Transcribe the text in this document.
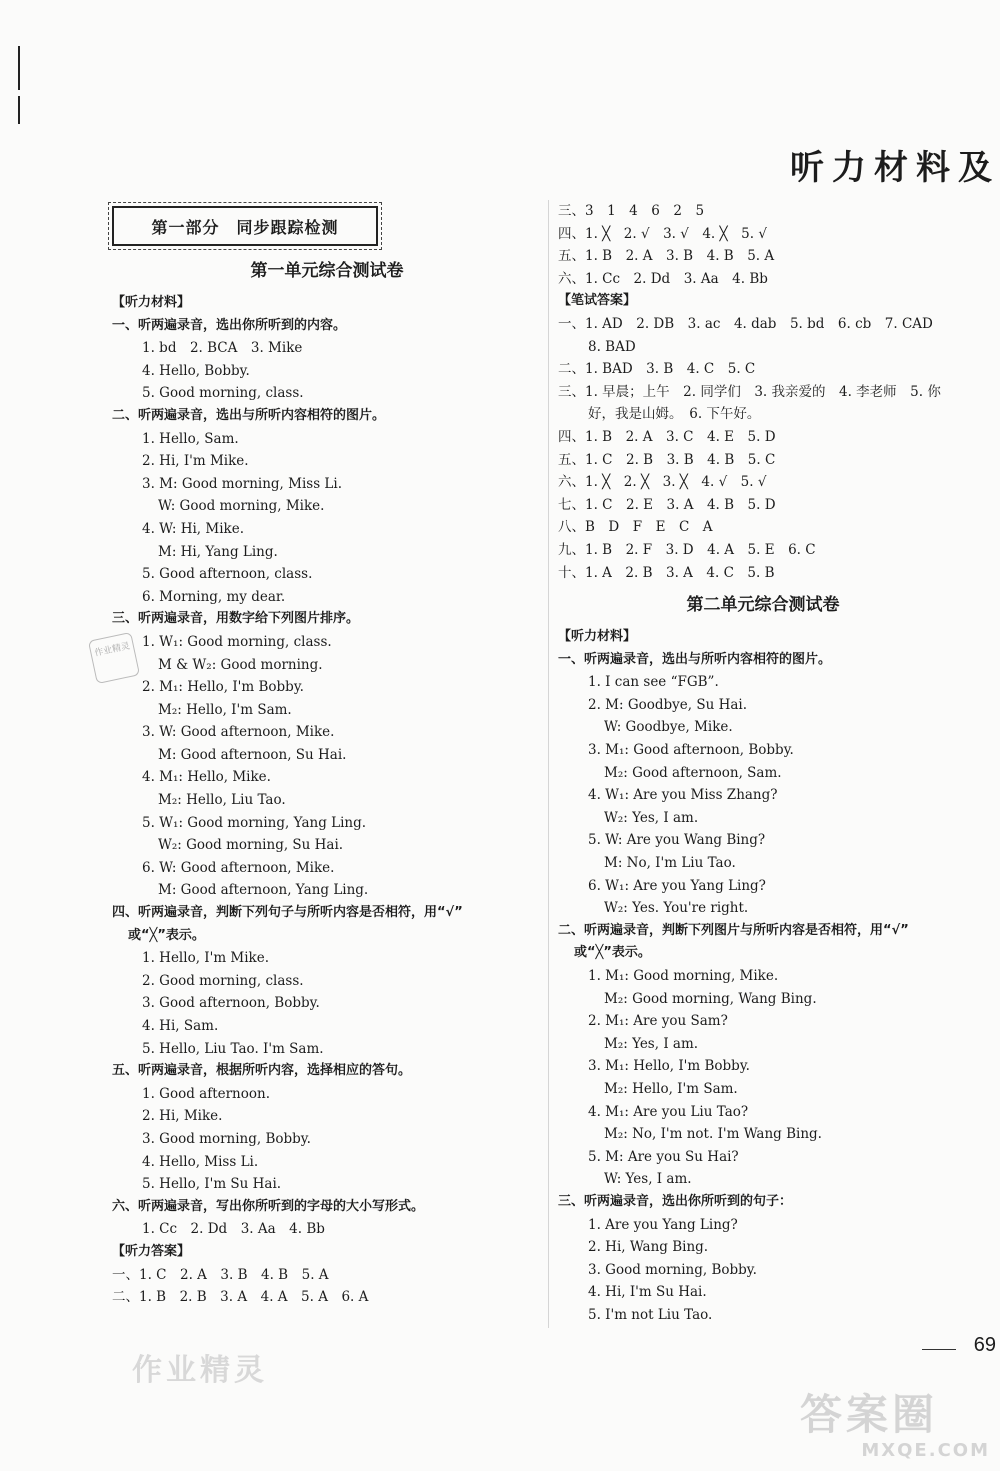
听力材料及
第一部分　同步跟踪检测
第一单元综合测试卷
【听力材料】
一、听两遍录音，选出你所听到的内容。
1. bd　2. BCA　3. Mike
4. Hello, Bobby.
5. Good morning, class.
二、听两遍录音，选出与所听内容相符的图片。
1. Hello, Sam.
2. Hi, I'm Mike.
3. M: Good morning, Miss Li.
W: Good morning, Mike.
4. W: Hi, Mike.
M: Hi, Yang Ling.
5. Good afternoon, class.
6. Morning, my dear.
三、听两遍录音，用数字给下列图片排序。
1. W₁: Good morning, class.
M & W₂: Good morning.
2. M₁: Hello, I'm Bobby.
M₂: Hello, I'm Sam.
3. W: Good afternoon, Mike.
M: Good afternoon, Su Hai.
4. M₁: Hello, Mike.
M₂: Hello, Liu Tao.
5. W₁: Good morning, Yang Ling.
W₂: Good morning, Su Hai.
6. W: Good afternoon, Mike.
M: Good afternoon, Yang Ling.
四、听两遍录音，判断下列句子与所听内容是否相符，用“√”
或“╳”表示。
1. Hello, I'm Mike.
2. Good morning, class.
3. Good afternoon, Bobby.
4. Hi, Sam.
5. Hello, Liu Tao. I'm Sam.
五、听两遍录音，根据所听内容，选择相应的答句。
1. Good afternoon.
2. Hi, Mike.
3. Good morning, Bobby.
4. Hello, Miss Li.
5. Hello, I'm Su Hai.
六、听两遍录音，写出你所听到的字母的大小写形式。
1. Cc　2. Dd　3. Aa　4. Bb
【听力答案】
一、1. C　2. A　3. B　4. B　5. A
二、1. B　2. B　3. A　4. A　5. A　6. A
三、3　1　4　6　2　5
四、1. ╳　2. √　3. √　4. ╳　5. √
五、1. B　2. A　3. B　4. B　5. A
六、1. Cc　2. Dd　3. Aa　4. Bb
【笔试答案】
一、1. AD　2. DB　3. ac　4. dab　5. bd　6. cb　7. CAD
8. BAD
二、1. BAD　3. B　4. C　5. C
三、1. 早晨；上午　2. 同学们　3. 我亲爱的　4. 李老师　5. 你
好，我是山姆。　6. 下午好。
四、1. B　2. A　3. C　4. E　5. D
五、1. C　2. B　3. B　4. B　5. C
六、1. ╳　2. ╳　3. ╳　4. √　5. √
七、1. C　2. E　3. A　4. B　5. D
八、B　D　F　E　C　A
九、1. B　2. F　3. D　4. A　5. E　6. C
十、1. A　2. B　3. A　4. C　5. B
第二单元综合测试卷
【听力材料】
一、听两遍录音，选出与所听内容相符的图片。
1. I can see “FGB”.
2. M: Goodbye, Su Hai.
W: Goodbye, Mike.
3. M₁: Good afternoon, Bobby.
M₂: Good afternoon, Sam.
4. W₁: Are you Miss Zhang?
W₂: Yes, I am.
5. W: Are you Wang Bing?
M: No, I'm Liu Tao.
6. W₁: Are you Yang Ling?
W₂: Yes. You're right.
二、听两遍录音，判断下列图片与所听内容是否相符，用“√”
或“╳”表示。
1. M₁: Good morning, Mike.
M₂: Good morning, Wang Bing.
2. M₁: Are you Sam?
M₂: Yes, I am.
3. M₁: Hello, I'm Bobby.
M₂: Hello, I'm Sam.
4. M₁: Are you Liu Tao?
M₂: No, I'm not. I'm Wang Bing.
5. M: Are you Su Hai?
W: Yes, I am.
三、听两遍录音，选出你所听到的句子：
1. Are you Yang Ling?
2. Hi, Wang Bing.
3. Good morning, Bobby.
4. Hi, I'm Su Hai.
5. I'm not Liu Tao.
作业精灵
作业精灵
69
答案圈
MXQE.COM
